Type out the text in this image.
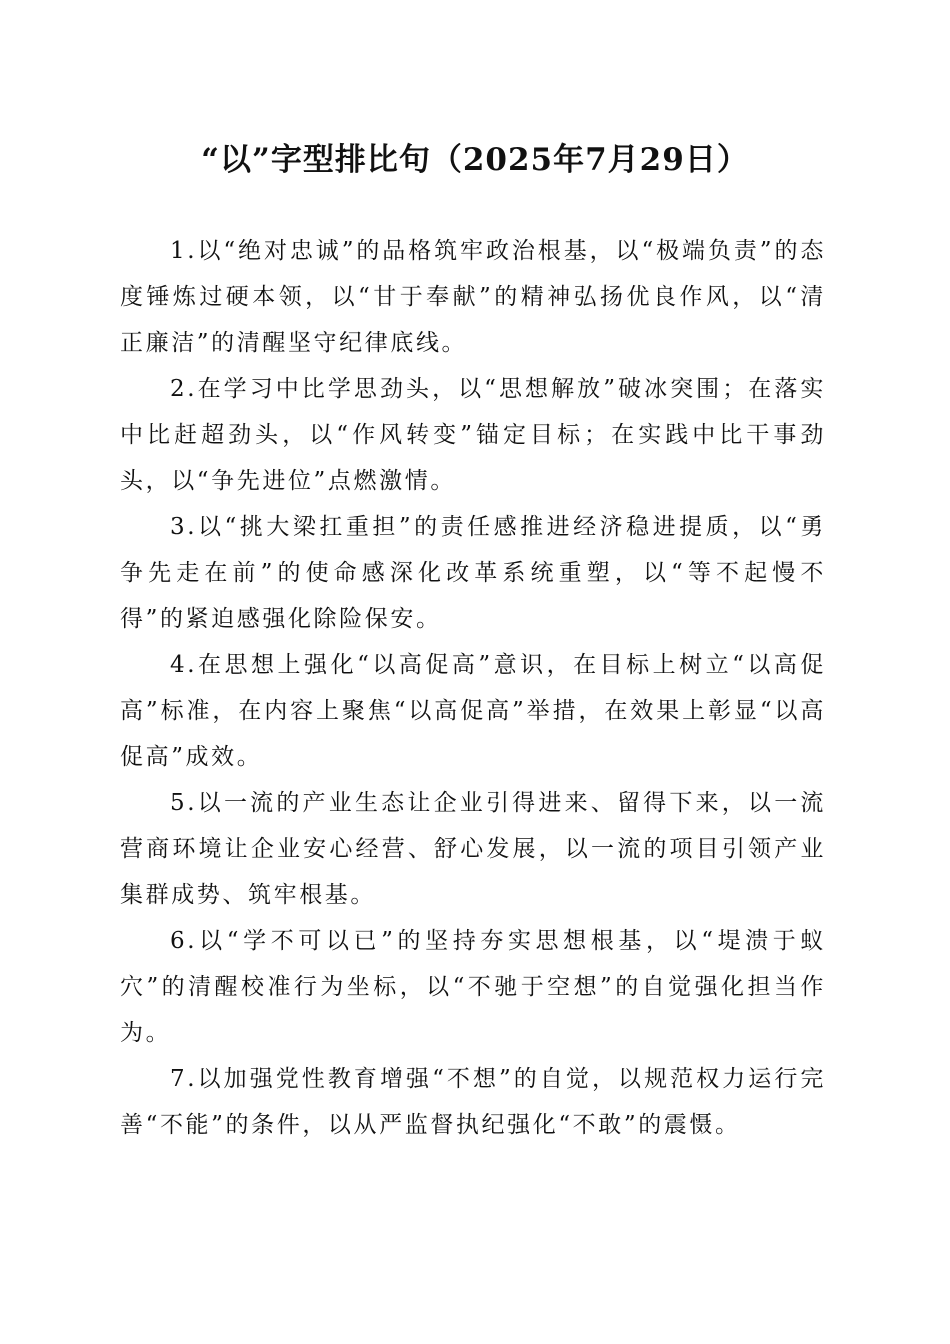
“以”字型排比句（2025年7月29日）

1.以“绝对忠诚”的品格筑牢政治根基，以“极端负责”的态度锤炼过硬本领，以“甘于奉献”的精神弘扬优良作风，以“清正廉洁”的清醒坚守纪律底线。

2.在学习中比学思劲头，以“思想解放”破冰突围；在落实中比赶超劲头，以“作风转变”锚定目标；在实践中比干事劲头，以“争先进位”点燃激情。

3.以“挑大梁扛重担”的责任感推进经济稳进提质，以“勇争先走在前”的使命感深化改革系统重塑，以“等不起慢不得”的紧迫感强化除险保安。

4.在思想上强化“以高促高”意识，在目标上树立“以高促高”标准，在内容上聚焦“以高促高”举措，在效果上彰显“以高促高”成效。

5.以一流的产业生态让企业引得进来、留得下来，以一流营商环境让企业安心经营、舒心发展，以一流的项目引领产业集群成势、筑牢根基。

6.以“学不可以已”的坚持夯实思想根基，以“堤溃于蚁穴”的清醒校准行为坐标，以“不驰于空想”的自觉强化担当作为。

7.以加强党性教育增强“不想”的自觉，以规范权力运行完善“不能”的条件，以从严监督执纪强化“不敢”的震慑。
